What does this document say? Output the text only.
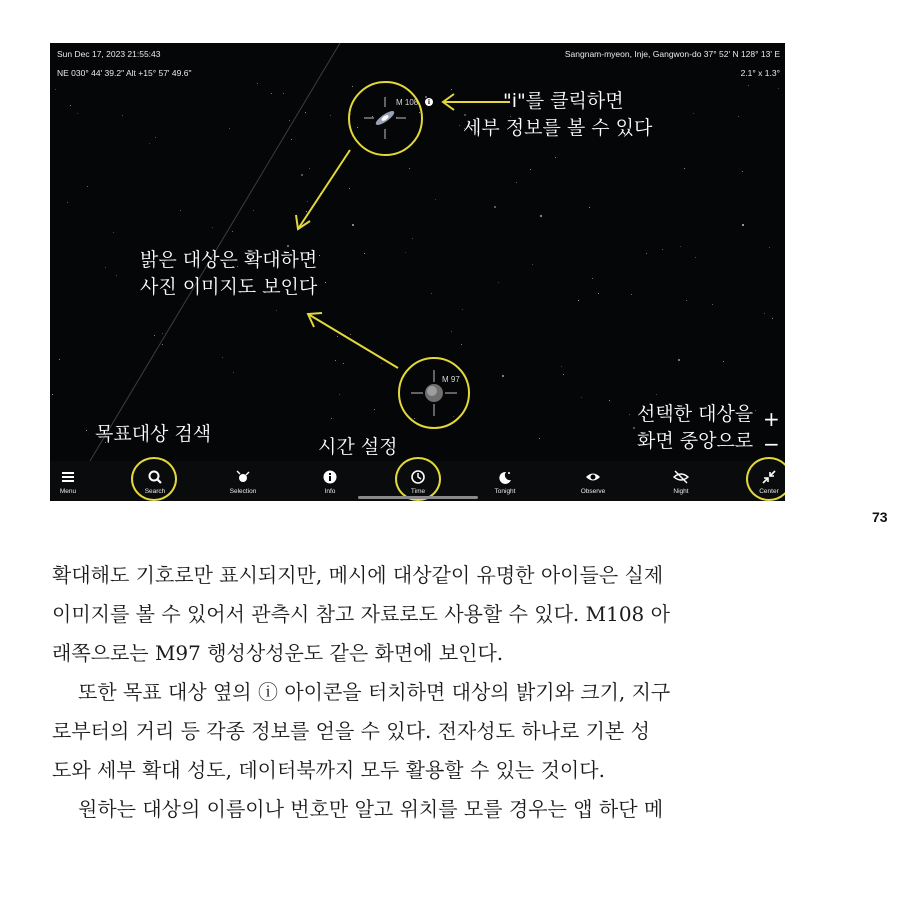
Sun Dec 17, 2023 21:55:43	Sangnam-myeon, Inje, Gangwon-do 37° 52' N 128° 13' E
NE 030° 44' 39.2" Alt +15° 57' 49.6"	2.1° x 1.3°
M 108	i
M 97
"i"를 클릭하면
세부 정보를 볼 수 있다
밝은 대상은 확대하면
사진 이미지도 보인다
목표대상 검색
시간 설정
선택한 대상을
화면 중앙으로
+
−
Menu	Search	Selection	Info	Time	Tonight	Observe	Night	Center
73

확대해도 기호로만 표시되지만, 메시에 대상같이 유명한 아이들은 실제

이미지를 볼 수 있어서 관측시 참고 자료로도 사용할 수 있다. M108 아

래쪽으로는 M97 행성상성운도 같은 화면에 보인다.

또한 목표 대상 옆의 ⓘ 아이콘을 터치하면 대상의 밝기와 크기, 지구

로부터의 거리 등 각종 정보를 얻을 수 있다. 전자성도 하나로 기본 성

도와 세부 확대 성도, 데이터북까지 모두 활용할 수 있는 것이다.

원하는 대상의 이름이나 번호만 알고 위치를 모를 경우는 앱 하단 메
